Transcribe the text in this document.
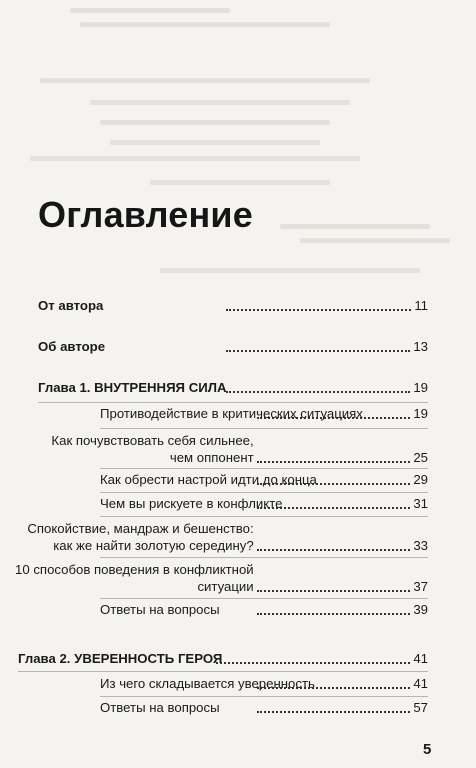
Оглавление
От автора	11
Об авторе	13
Глава 1. ВНУТРЕННЯЯ СИЛА	19
Противодействие в критических ситуациях	19
Как почувствовать себя сильнее,
чем оппонент	25
Как обрести настрой идти до конца	29
Чем вы рискуете в конфликте	31
Спокойствие, мандраж и бешенство:
как же найти золотую середину?	33
10 способов поведения в конфликтной
ситуации	37
Ответы на вопросы	39
Глава 2. УВЕРЕННОСТЬ ГЕРОЯ	41
Из чего складывается уверенность	41
Ответы на вопросы	57
5
